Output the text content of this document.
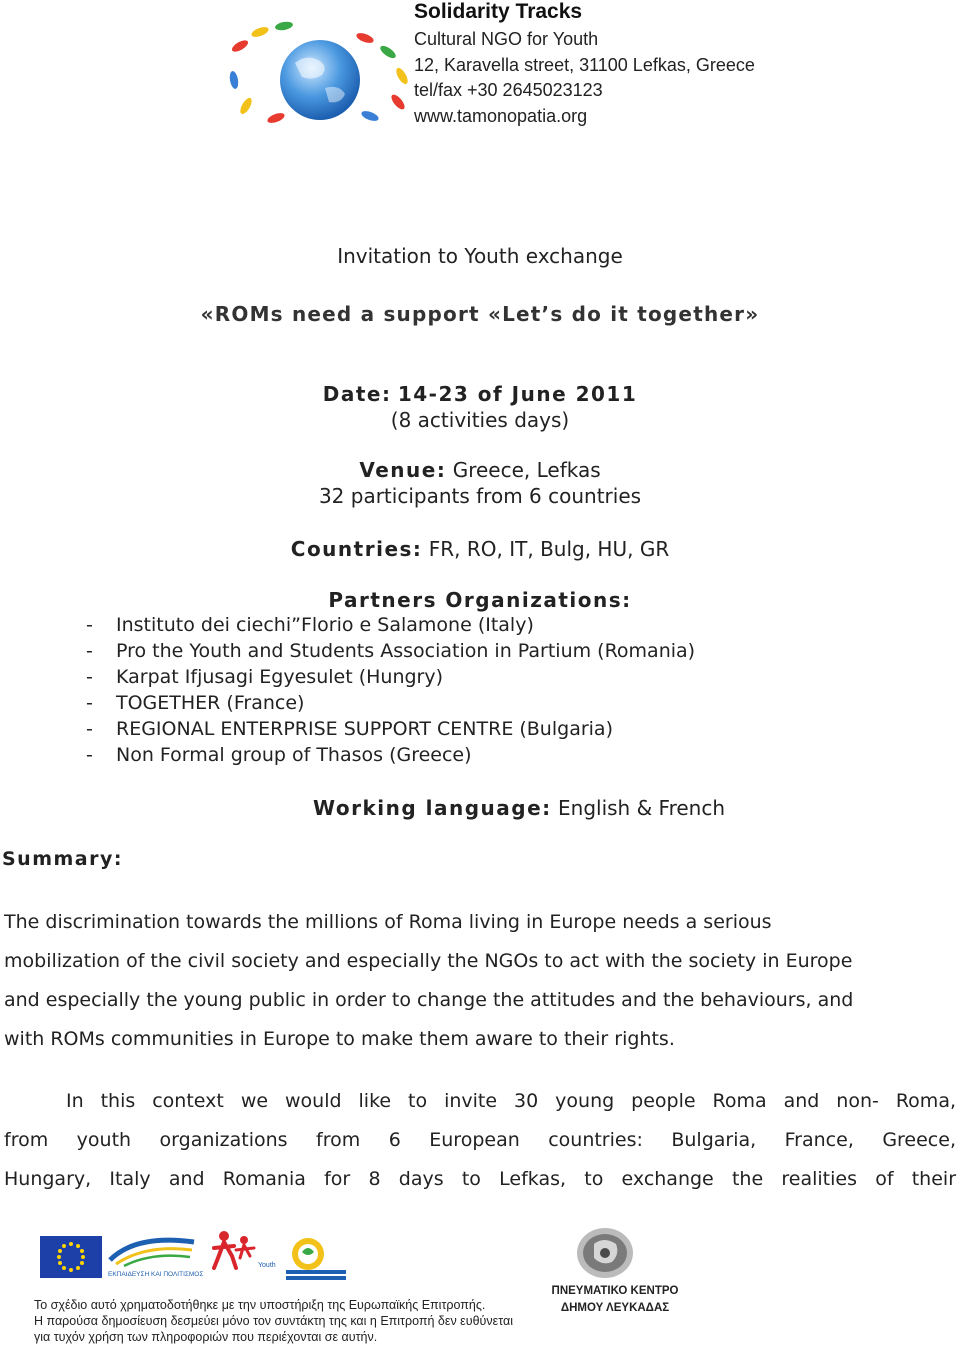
Solidarity Tracks
Cultural NGO for Youth
12, Karavella street, 31100 Lefkas, Greece
tel/fax +30 2645023123
www.tamonopatia.org
Invitation to Youth exchange
«ROMs need a support «Let’s do it together»
Date: 14-23 of June 2011
(8 activities days)
Venue: Greece, Lefkas
32 participants from 6 countries
Countries: FR, RO, IT, Bulg, HU, GR
Partners Organizations:
- Instituto dei ciechi”Florio e Salamone (Italy)
- Pro the Youth and Students Association in Partium (Romania)
- Karpat Ifjusagi Egyesulet (Hungry)
- TOGETHER (France)
- REGIONAL ENTERPRISE SUPPORT CENTRE (Bulgaria)
- Non Formal group of Thasos (Greece)
Working language: English & French
Summary:
The discrimination towards the millions of Roma living in Europe needs a serious
mobilization of the civil society and especially the NGOs to act with the society in Europe
and especially the young public in order to change the attitudes and the behaviours, and
with ROMs communities in Europe to make them aware to their rights.
In this context we would like to invite 30 young people Roma and non- Roma,
from youth organizations from 6 European countries: Bulgaria, France, Greece,
Hungary, Italy and Romania for 8 days to Lefkas, to exchange the realities of their
ΕΚΠΑΙΔΕΥΣΗ ΚΑΙ ΠΟΛΙΤΙΣΜΟΣ
Youth
ΠΝΕΥΜΑΤΙΚΟ ΚΕΝΤΡΟ
ΔΗΜΟΥ ΛΕΥΚΑΔΑΣ
Το σχέδιο αυτό χρηματοδοτήθηκε με την υποστήριξη της Ευρωπαϊκής Επιτροπής.
Η παρούσα δημοσίευση δεσμεύει μόνο τον συντάκτη της και η Επιτροπή δεν ευθύνεται
για τυχόν χρήση των πληροφοριών που περιέχονται σε αυτήν.
